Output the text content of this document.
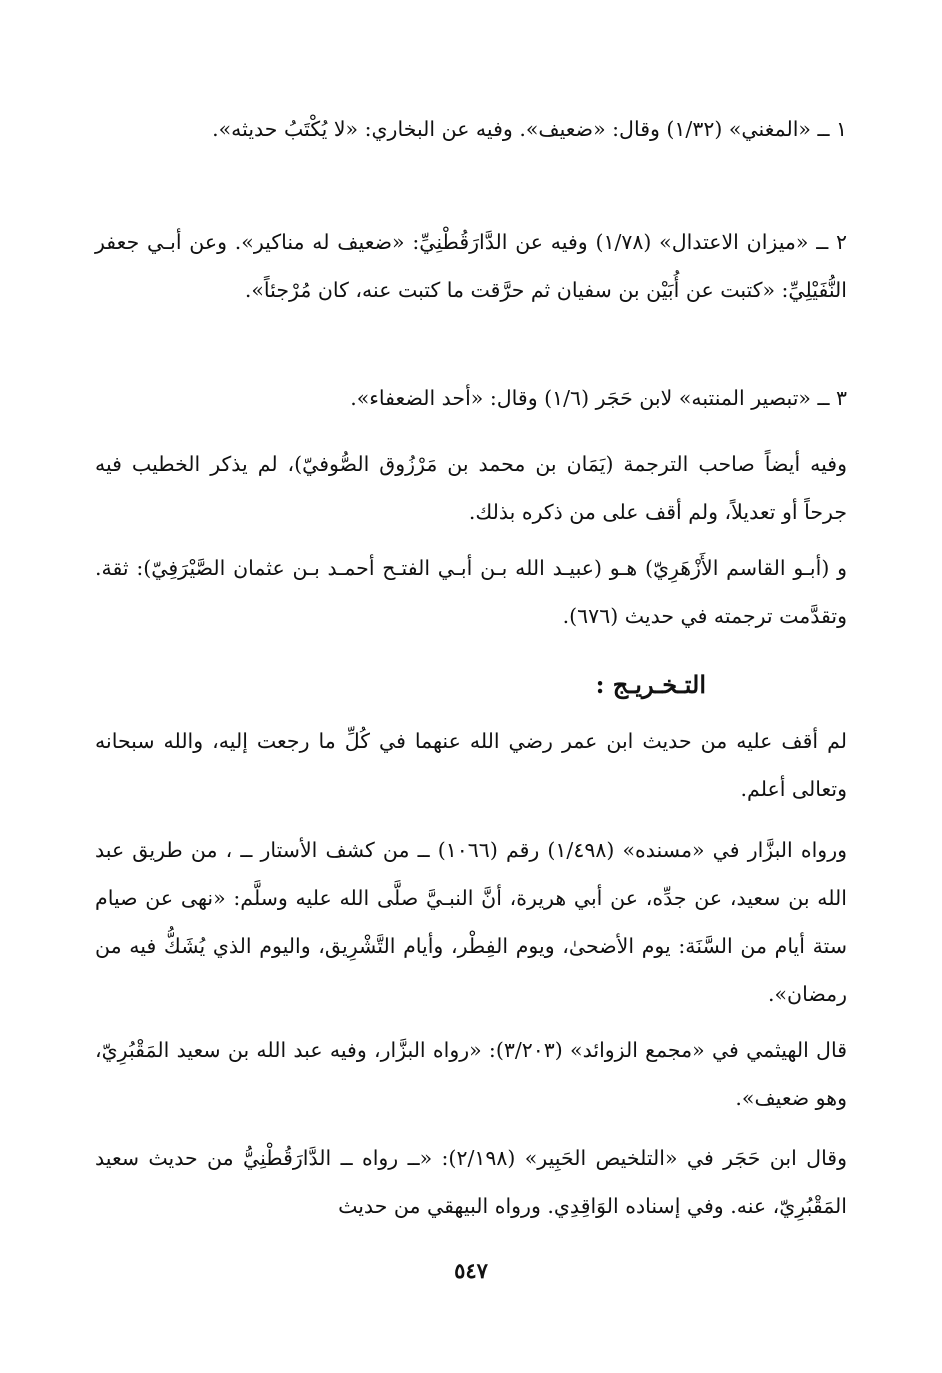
١ ــ «المغني» (١/٣٢) وقال: «ضعيف». وفيه عن البخاري: «لا يُكْتَبُ حديثه».
٢ ــ «ميزان الاعتدال» (١/٧٨) وفيه عن الدَّارَقُطْنِيِّ: «ضعيف له مناكير». وعن أبـي جعفر النُّفَيْلِيِّ: «كتبت عن أُبَيْن بن سفيان ثم حرَّقت ما كتبت عنه، كان مُرْجئاً».
٣ ــ «تبصير المنتبه» لابن حَجَر (١/٦) وقال: «أحد الضعفاء».
وفيه أيضاً صاحب الترجمة (يَمَان بن محمد بن مَرْزُوق الصُّوفيّ)، لم يذكر الخطيب فيه جرحاً أو تعديلاً، ولم أقف على من ذكره بذلك.
و (أبـو القاسم الأَزْهَرِيّ) هـو (عبيـد الله بـن أبـي الفتـح أحمـد بـن عثمان الصَّيْرَفِيّ): ثقة. وتقدَّمت ترجمته في حديث (٦٧٦).
التـخـريـج :
لم أقف عليه من حديث ابن عمر رضي الله عنهما في كُلِّ ما رجعت إليه، والله سبحانه وتعالى أعلم.
ورواه البزَّار في «مسنده» (١/٤٩٨) رقم (١٠٦٦) ــ من كشف الأستار ــ ، من طريق عبد الله بن سعيد، عن جدِّه، عن أبي هريرة، أنَّ النبـيَّ صلَّى الله عليه وسلَّم: «نهى عن صيام ستة أيام من السَّنَة: يوم الأضحىٰ، ويوم الفِطْر، وأيام التَّشْرِيق، واليوم الذي يُشَكُّ فيه من رمضان».
قال الهيثمي في «مجمع الزوائد» (٣/٢٠٣): «رواه البزَّار، وفيه عبد الله بن سعيد المَقْبُرِيّ، وهو ضعيف».
وقال ابن حَجَر في «التلخيص الحَبِير» (٢/١٩٨): «ــ رواه ــ الدَّارَقُطْنِيُّ من حديث سعيد المَقْبُرِيّ، عنه. وفي إسناده الوَاقِدِي. ورواه البيهقي من حديث
٥٤٧
